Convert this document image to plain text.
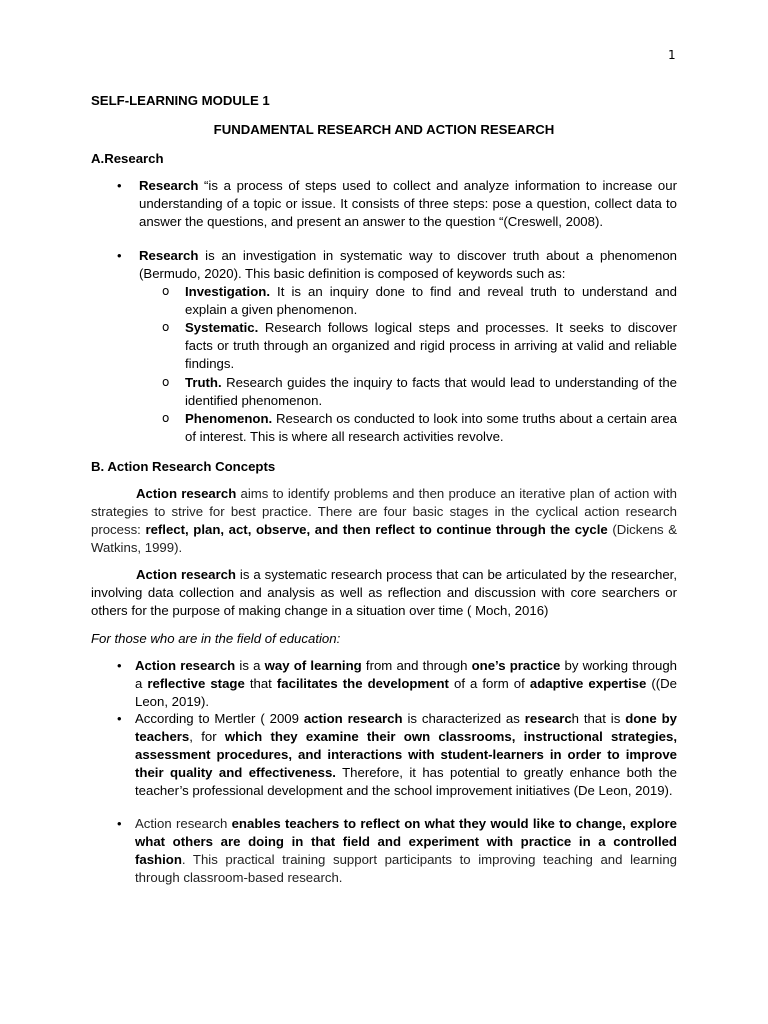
1
SELF-LEARNING MODULE 1
FUNDAMENTAL RESEARCH AND ACTION RESEARCH
A.Research
• Research “is a process of steps used to collect and analyze information to increase our understanding of a topic or issue. It consists of three steps: pose a question, collect data to answer the questions, and present an answer to the question “(Creswell, 2008).
• Research is an investigation in systematic way to discover truth about a phenomenon (Bermudo, 2020). This basic definition is composed of keywords such as:
o Investigation. It is an inquiry done to find and reveal truth to understand and explain a given phenomenon.
o Systematic. Research follows logical steps and processes. It seeks to discover facts or truth through an organized and rigid process in arriving at valid and reliable findings.
o Truth. Research guides the inquiry to facts that would lead to understanding of the identified phenomenon.
o Phenomenon. Research os conducted to look into some truths about a certain area of interest. This is where all research activities revolve.
B. Action Research Concepts
Action research aims to identify problems and then produce an iterative plan of action with strategies to strive for best practice. There are four basic stages in the cyclical action research process: reflect, plan, act, observe, and then reflect to continue through the cycle (Dickens & Watkins, 1999).
Action research is a systematic research process that can be articulated by the researcher, involving data collection and analysis as well as reflection and discussion with core searchers or others for the purpose of making change in a situation over time ( Moch, 2016)
For those who are in the field of education:
• Action research is a way of learning from and through one’s practice by working through a reflective stage that facilitates the development of a form of adaptive expertise ((De Leon, 2019).
• According to Mertler ( 2009 action research is characterized as research that is done by teachers, for which they examine their own classrooms, instructional strategies, assessment procedures, and interactions with student-learners in order to improve their quality and effectiveness. Therefore, it has potential to greatly enhance both the teacher’s professional development and the school improvement initiatives (De Leon, 2019).
• Action research enables teachers to reflect on what they would like to change, explore what others are doing in that field and experiment with practice in a controlled fashion. This practical training support participants to improving teaching and learning through classroom-based research.
